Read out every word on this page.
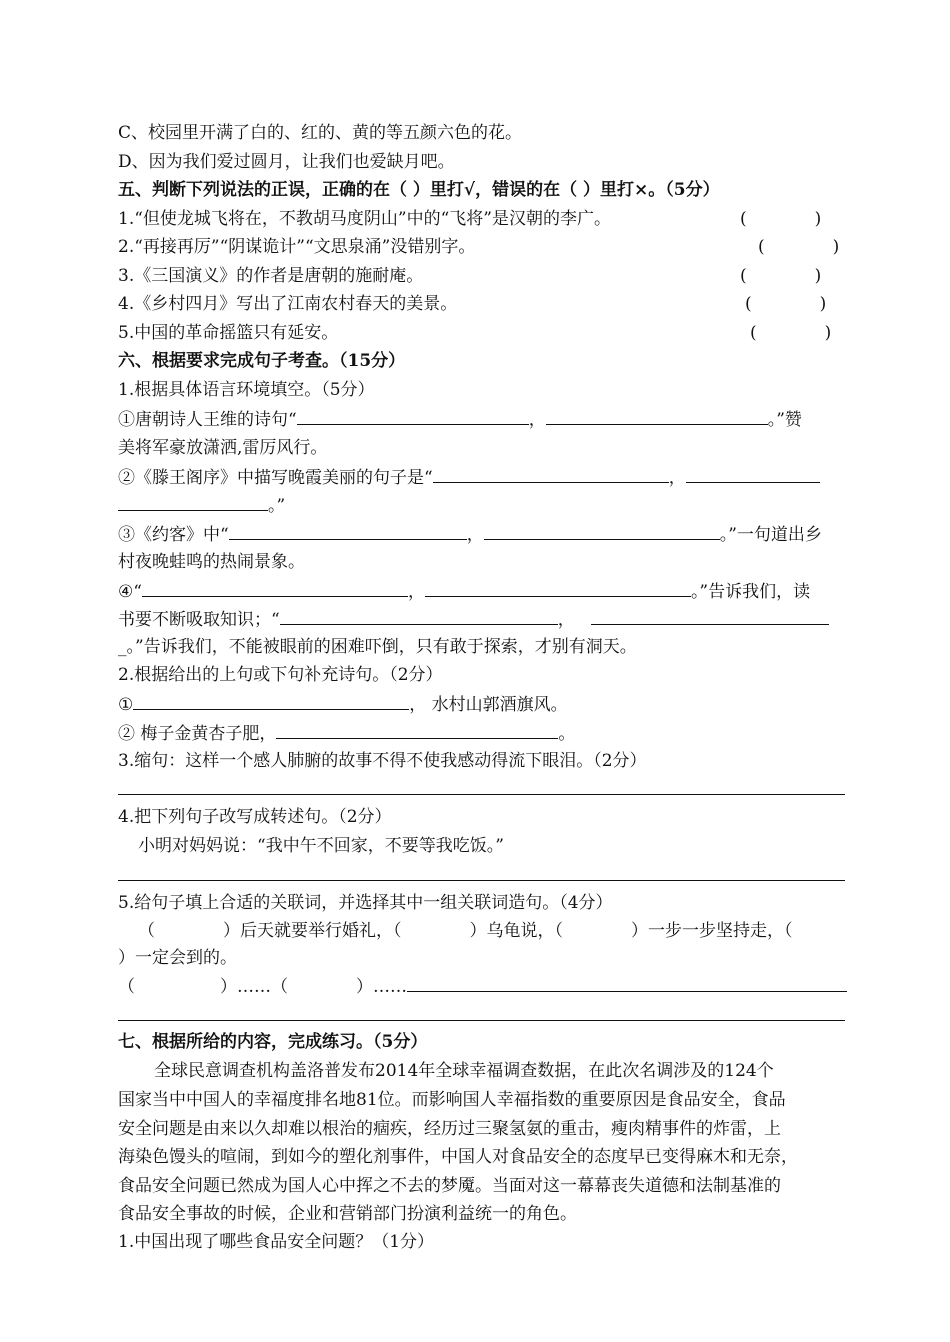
C、校园里开满了白的、红的、黄的等五颜六色的花。
D、因为我们爱过圆月，让我们也爱缺月吧。
五、判断下列说法的正误，正确的在（ ）里打√，错误的在（ ）里打×。（5分）
1.“但使龙城飞将在，不教胡马度阴山”中的“飞将”是汉朝的李广。	(　　　　)
2.“再接再厉”“阴谋诡计”“文思泉涌”没错别字。	(　　　　)
3.《三国演义》的作者是唐朝的施耐庵。	(　　　　)
4.《乡村四月》写出了江南农村春天的美景。	(　　　　)
5.中国的革命摇篮只有延安。	(　　　　)
六、根据要求完成句子考查。（15分）
1.根据具体语言环境填空。（5分）
①唐朝诗人王维的诗句“	，	。”赞
美将军豪放潇洒,雷厉风行。
②《滕王阁序》中描写晚霞美丽的句子是“	，
。”
③《约客》中“	，	。”一句道出乡
村夜晚蛙鸣的热闹景象。
④“	，	。”告诉我们，读
书要不断吸取知识；“	，
_。”告诉我们，不能被眼前的困难吓倒，只有敢于探索，才别有洞天。
2.根据给出的上句或下句补充诗句。（2分）
①	， 水村山郭酒旗风。
② 梅子金黄杏子肥，	。
3.缩句：这样一个感人肺腑的故事不得不使我感动得流下眼泪。（2分）
4.把下列句子改写成转述句。（2分）
小明对妈妈说：“我中午不回家，不要等我吃饭。”
5.给句子填上合适的关联词，并选择其中一组关联词造句。（4分）
（　　　　）后天就要举行婚礼，（　　　　）乌龟说，（　　　　）一步一步坚持走，（
）一定会到的。
（　　　　　）……（　　　　）……
七、根据所给的内容，完成练习。（5分）
全球民意调查机构盖洛普发布2014年全球幸福调查数据，在此次名调涉及的124个
国家当中中国人的幸福度排名地81位。而影响国人幸福指数的重要原因是食品安全，食品
安全问题是由来以久却难以根治的痼疾，经历过三聚氢氨的重击，瘦肉精事件的炸雷，上
海染色馒头的喧闹，到如今的塑化剂事件，中国人对食品安全的态度早已变得麻木和无奈，
食品安全问题已然成为国人心中挥之不去的梦魇。当面对这一幕幕丧失道德和法制基准的
食品安全事故的时候，企业和营销部门扮演利益统一的角色。
1.中国出现了哪些食品安全问题？（1分）
